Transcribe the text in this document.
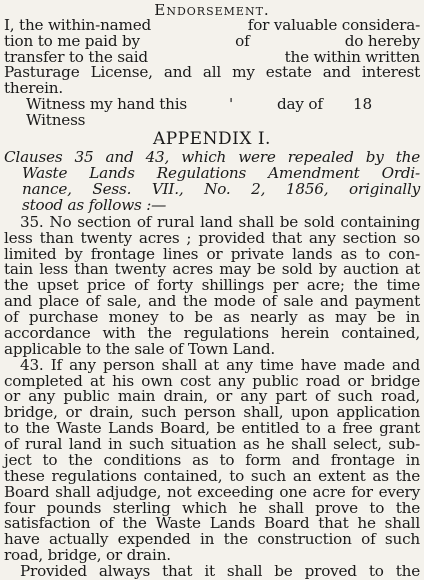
Endorsement.
I, the within-named	for valuable considera-
tion to me paid by	of	do hereby
transfer to the said	the within written
Pasturage License, and all my estate and interest
therein.
Witness my hand this	'	day of 18
Witness
APPENDIX I.
Clauses 35 and 43, which were repealed by the
Waste Lands Regulations Amendment Ordi-
nance, Sess. VII., No. 2, 1856, originally
stood as follows :—
35. No section of rural land shall be sold containing
less than twenty acres ; provided that any section so
limited by frontage lines or private lands as to con-
tain less than twenty acres may be sold by auction at
the upset price of forty shillings per acre; the time
and place of sale, and the mode of sale and payment
of purchase money to be as nearly as may be in
accordance with the regulations herein contained,
applicable to the sale of Town Land.
43. If any person shall at any time have made and
completed at his own cost any public road or bridge
or any public main drain, or any part of such road,
bridge, or drain, such person shall, upon application
to the Waste Lands Board, be entitled to a free grant
of rural land in such situation as he shall select, sub-
ject to the conditions as to form and frontage in
these regulations contained, to such an extent as the
Board shall adjudge, not exceeding one acre for every
four pounds sterling which he shall prove to the
satisfaction of the Waste Lands Board that he shall
have actually expended in the construction of such
road, bridge, or drain.
Provided always that it shall be proved to the
